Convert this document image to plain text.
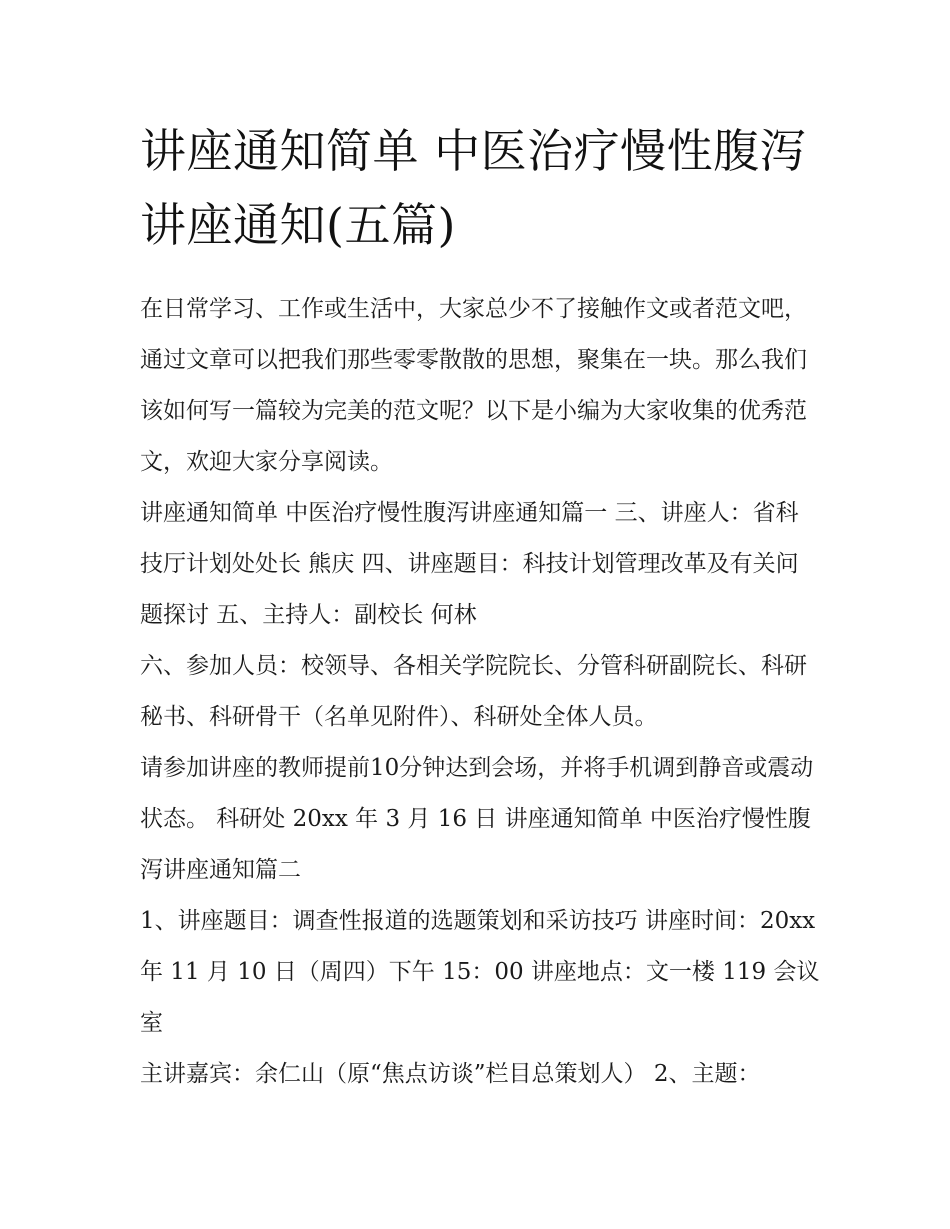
讲座通知简单 中医治疗慢性腹泻讲座通知(五篇)

在日常学习、工作或生活中，大家总少不了接触作文或者范文吧，通过文章可以把我们那些零零散散的思想，聚集在一块。那么我们该如何写一篇较为完美的范文呢？以下是小编为大家收集的优秀范文，欢迎大家分享阅读。

讲座通知简单 中医治疗慢性腹泻讲座通知篇一 三、讲座人：省科技厅计划处处长 熊庆 四、讲座题目：科技计划管理改革及有关问题探讨 五、主持人：副校长 何林

六、参加人员：校领导、各相关学院院长、分管科研副院长、科研秘书、科研骨干（名单见附件）、科研处全体人员。

请参加讲座的教师提前10分钟达到会场，并将手机调到静音或震动状态。 科研处 20xx 年 3 月 16 日 讲座通知简单 中医治疗慢性腹泻讲座通知篇二

1、讲座题目：调查性报道的选题策划和采访技巧 讲座时间：20xx 年 11 月 10 日（周四）下午 15：00 讲座地点：文一楼 119 会议室

主讲嘉宾：余仁山（原“焦点访谈”栏目总策划人） 2、主题：
